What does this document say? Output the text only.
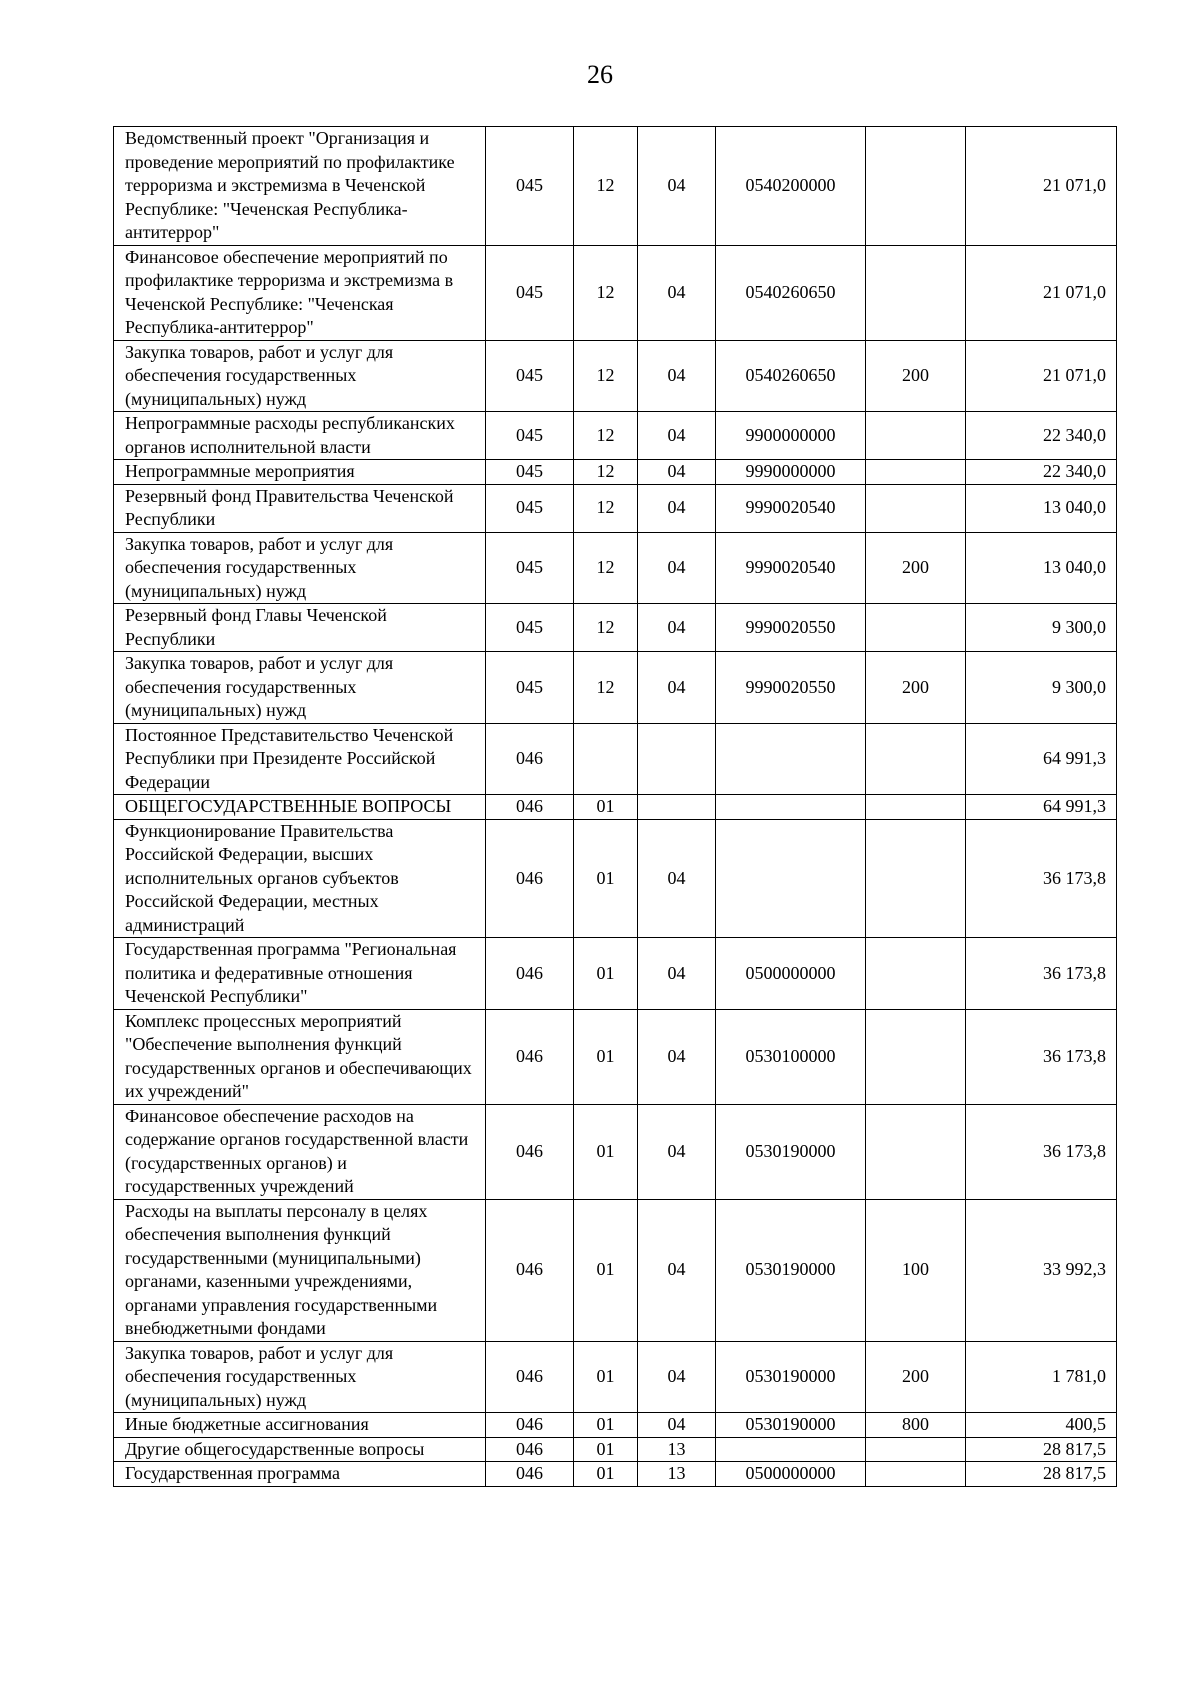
26
Ведомственный проект "Организация и проведение мероприятий по профилактике терроризма и экстремизма в Чеченской Республике: "Чеченская Республика-антитеррор"	045	12	04	0540200000		21 071,0
Финансовое обеспечение мероприятий по профилактике терроризма и экстремизма в Чеченской Республике: "Чеченская Республика-антитеррор"	045	12	04	0540260650		21 071,0
Закупка товаров, работ и услуг для обеспечения государственных (муниципальных) нужд	045	12	04	0540260650	200	21 071,0
Непрограммные расходы республиканских органов исполнительной власти	045	12	04	9900000000		22 340,0
Непрограммные мероприятия	045	12	04	9990000000		22 340,0
Резервный фонд Правительства Чеченской Республики	045	12	04	9990020540		13 040,0
Закупка товаров, работ и услуг для обеспечения государственных (муниципальных) нужд	045	12	04	9990020540	200	13 040,0
Резервный фонд Главы Чеченской Республики	045	12	04	9990020550		9 300,0
Закупка товаров, работ и услуг для обеспечения государственных (муниципальных) нужд	045	12	04	9990020550	200	9 300,0
Постоянное Представительство Чеченской Республики при Президенте Российской Федерации	046					64 991,3
ОБЩЕГОСУДАРСТВЕННЫЕ ВОПРОСЫ	046	01				64 991,3
Функционирование Правительства Российской Федерации, высших исполнительных органов субъектов Российской Федерации, местных администраций	046	01	04			36 173,8
Государственная программа "Региональная политика и федеративные отношения Чеченской Республики"	046	01	04	0500000000		36 173,8
Комплекс процессных мероприятий "Обеспечение выполнения функций государственных органов и обеспечивающих их учреждений"	046	01	04	0530100000		36 173,8
Финансовое обеспечение расходов на содержание органов государственной власти (государственных органов) и государственных учреждений	046	01	04	0530190000		36 173,8
Расходы на выплаты персоналу в целях обеспечения выполнения функций государственными (муниципальными) органами, казенными учреждениями, органами управления государственными внебюджетными фондами	046	01	04	0530190000	100	33 992,3
Закупка товаров, работ и услуг для обеспечения государственных (муниципальных) нужд	046	01	04	0530190000	200	1 781,0
Иные бюджетные ассигнования	046	01	04	0530190000	800	400,5
Другие общегосударственные вопросы	046	01	13			28 817,5
Государственная программа	046	01	13	0500000000		28 817,5
